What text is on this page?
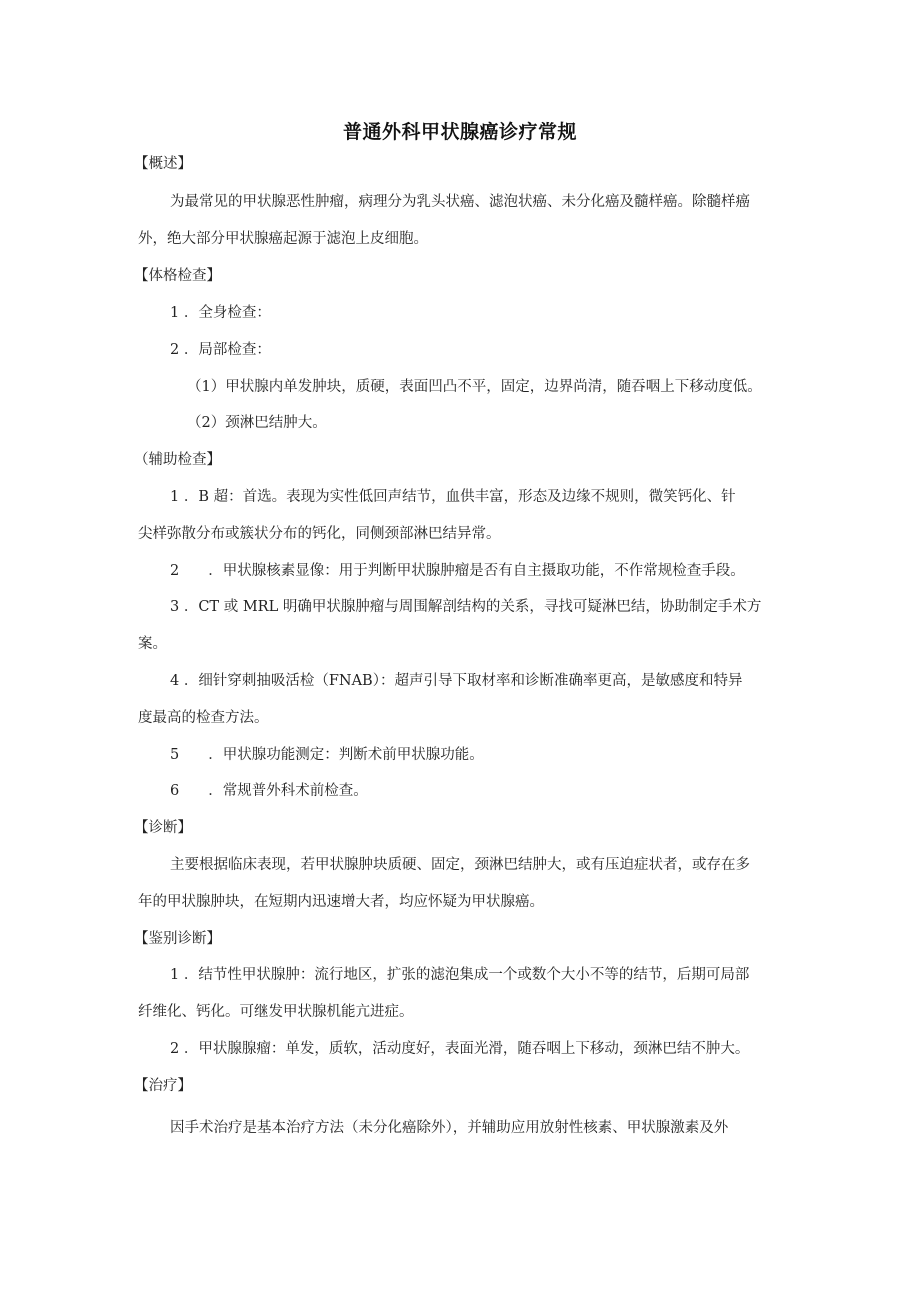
普通外科甲状腺癌诊疗常规
【概述】
为最常见的甲状腺恶性肿瘤，病理分为乳头状癌、滤泡状癌、未分化癌及髓样癌。除髓样癌
外，绝大部分甲状腺癌起源于滤泡上皮细胞。
【体格检查】
1 ．全身检查：
2 ．局部检查：
（1）甲状腺内单发肿块，质硬，表面凹凸不平，固定，边界尚清，随吞咽上下移动度低。
（2）颈淋巴结肿大。
（辅助检查】
1 ．B 超：首选。表现为实性低回声结节，血供丰富，形态及边缘不规则，微笑钙化、针
尖样弥散分布或簇状分布的钙化，同侧颈部淋巴结异常。
2　　．甲状腺核素显像：用于判断甲状腺肿瘤是否有自主摄取功能，不作常规检查手段。
3 ．CT 或 MRL 明确甲状腺肿瘤与周围解剖结构的关系，寻找可疑淋巴结，协助制定手术方
案。
4 ．细针穿刺抽吸活检（FNAB）：超声引导下取材率和诊断准确率更高，是敏感度和特异
度最高的检查方法。
5　　．甲状腺功能测定：判断术前甲状腺功能。
6　　．常规普外科术前检查。
【诊断】
主要根据临床表现，若甲状腺肿块质硬、固定，颈淋巴结肿大，或有压迫症状者，或存在多
年的甲状腺肿块，在短期内迅速增大者，均应怀疑为甲状腺癌。
【鉴别诊断】
1 ．结节性甲状腺肿：流行地区，扩张的滤泡集成一个或数个大小不等的结节，后期可局部
纤维化、钙化。可继发甲状腺机能亢进症。
2 ．甲状腺腺瘤：单发，质软，活动度好，表面光滑，随吞咽上下移动，颈淋巴结不肿大。
【治疗】
因手术治疗是基本治疗方法（未分化癌除外），并辅助应用放射性核素、甲状腺激素及外
